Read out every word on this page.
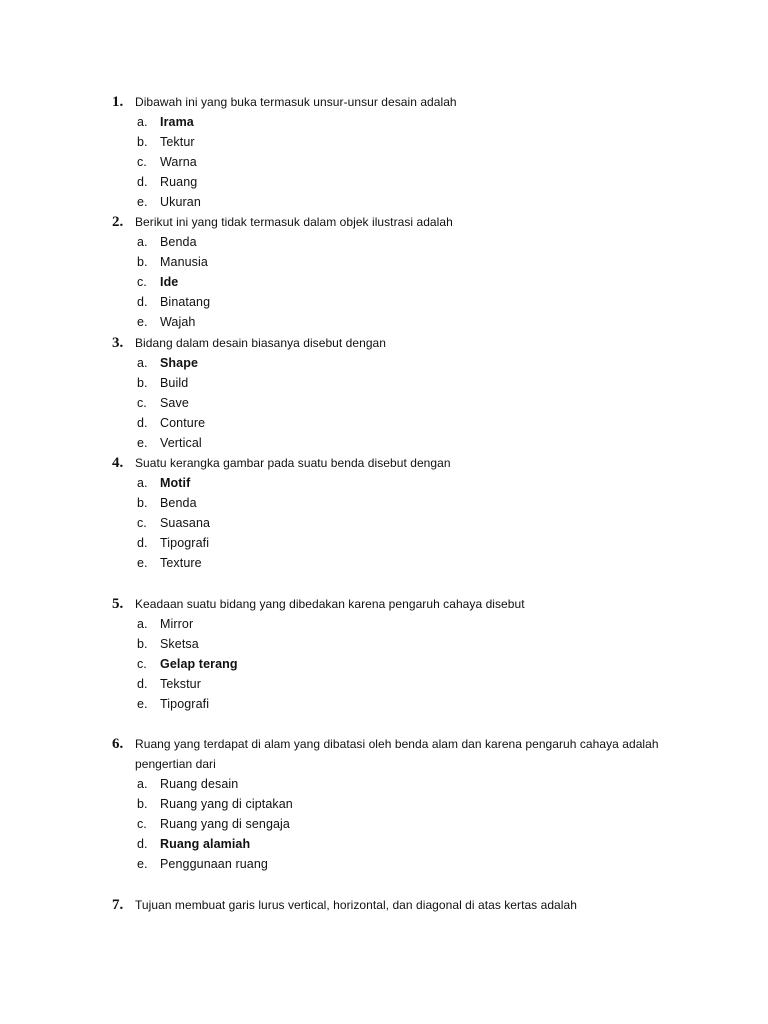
1. Dibawah ini yang buka termasuk unsur-unsur desain adalah
a.	Irama
b.	Tektur
c.	Warna
d.	Ruang
e.	Ukuran
2. Berikut ini yang tidak termasuk dalam objek ilustrasi adalah
a.	Benda
b.	Manusia
c.	Ide
d.	Binatang
e.	Wajah
3. Bidang dalam desain biasanya disebut dengan
a.	Shape
b.	Build
c.	Save
d.	Conture
e.	Vertical
4. Suatu kerangka gambar pada suatu benda disebut dengan
a.	Motif
b.	Benda
c.	Suasana
d.	Tipografi
e.	Texture
5. Keadaan suatu bidang yang dibedakan karena pengaruh cahaya disebut
a.	Mirror
b.	Sketsa
c.	Gelap terang
d.	Tekstur
e.	Tipografi
6. Ruang yang terdapat di alam yang dibatasi oleh benda alam dan karena pengaruh cahaya adalah pengertian dari
a.	Ruang desain
b.	Ruang yang di ciptakan
c.	Ruang yang di sengaja
d.	Ruang alamiah
e.	Penggunaan ruang
7. Tujuan membuat garis lurus vertical, horizontal, dan diagonal di atas kertas adalah
